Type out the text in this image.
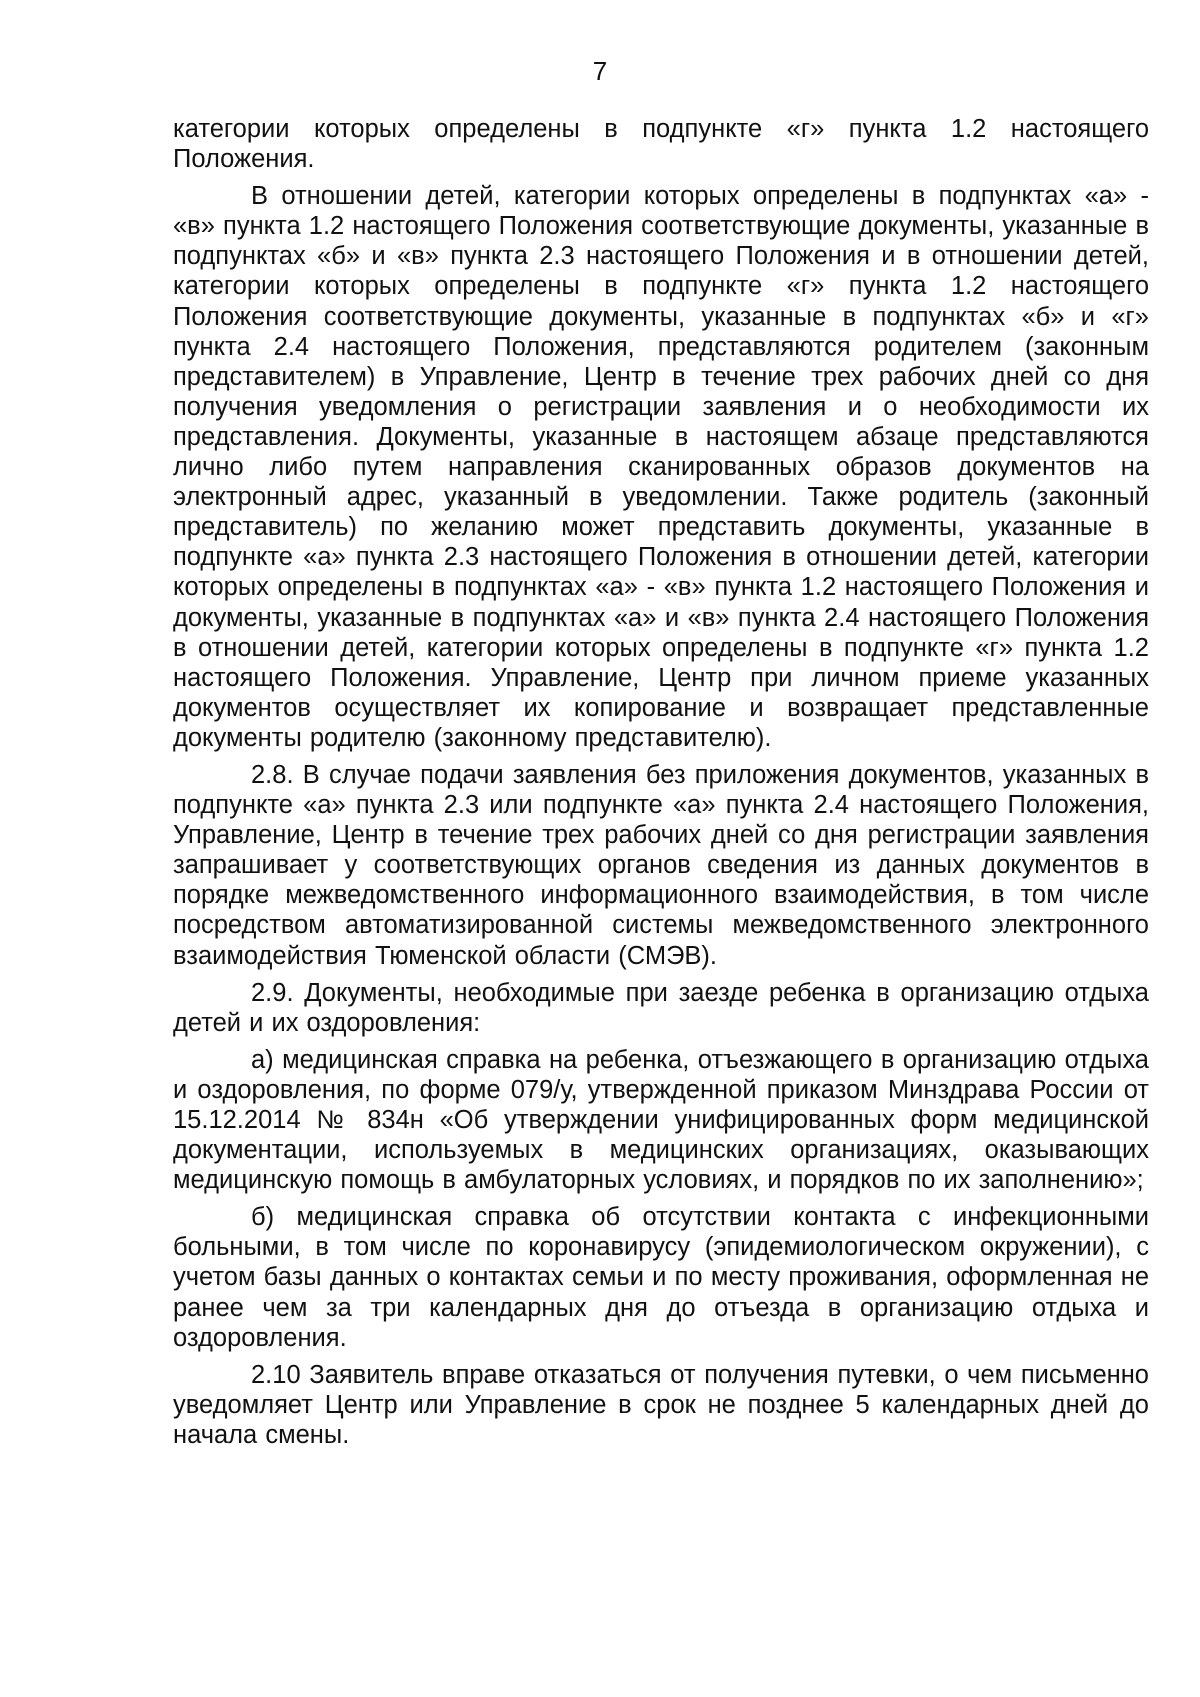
7

категории которых определены в подпункте «г» пункта 1.2 настоящего Положения.

В отношении детей, категории которых определены в подпунктах «а» - «в» пункта 1.2 настоящего Положения соответствующие документы, указанные в подпунктах «б» и «в» пункта 2.3 настоящего Положения и в отношении детей, категории которых определены в подпункте «г» пункта 1.2 настоящего Положения соответствующие документы, указанные в подпунктах «б» и «г» пункта 2.4 настоящего Положения, представляются родителем (законным представителем) в Управление, Центр в течение трех рабочих дней со дня получения уведомления о регистрации заявления и о необходимости их представления. Документы, указанные в настоящем абзаце представляются лично либо путем направления сканированных образов документов на электронный адрес, указанный в уведомлении. Также родитель (законный представитель) по желанию может представить документы, указанные в подпункте «а» пункта 2.3 настоящего Положения в отношении детей, категории которых определены в подпунктах «а» - «в» пункта 1.2 настоящего Положения и документы, указанные в подпунктах «а» и «в» пункта 2.4 настоящего Положения в отношении детей, категории которых определены в подпункте «г» пункта 1.2 настоящего Положения. Управление, Центр при личном приеме указанных документов осуществляет их копирование и возвращает представленные документы родителю (законному представителю).

2.8. В случае подачи заявления без приложения документов, указанных в подпункте «а» пункта 2.3 или подпункте «а» пункта 2.4 настоящего Положения, Управление, Центр в течение трех рабочих дней со дня регистрации заявления запрашивает у соответствующих органов сведения из данных документов в порядке межведомственного информационного взаимодействия, в том числе посредством автоматизированной системы межведомственного электронного взаимодействия Тюменской области (СМЭВ).

2.9. Документы, необходимые при заезде ребенка в организацию отдыха детей и их оздоровления:

а) медицинская справка на ребенка, отъезжающего в организацию отдыха и оздоровления, по форме 079/у, утвержденной приказом Минздрава России от 15.12.2014 № 834н «Об утверждении унифицированных форм медицинской документации, используемых в медицинских организациях, оказывающих медицинскую помощь в амбулаторных условиях, и порядков по их заполнению»;

б) медицинская справка об отсутствии контакта с инфекционными больными, в том числе по коронавирусу (эпидемиологическом окружении), с учетом базы данных о контактах семьи и по месту проживания, оформленная не ранее чем за три календарных дня до отъезда в организацию отдыха и оздоровления.

2.10 Заявитель вправе отказаться от получения путевки, о чем письменно уведомляет Центр или Управление в срок не позднее 5 календарных дней до начала смены.
